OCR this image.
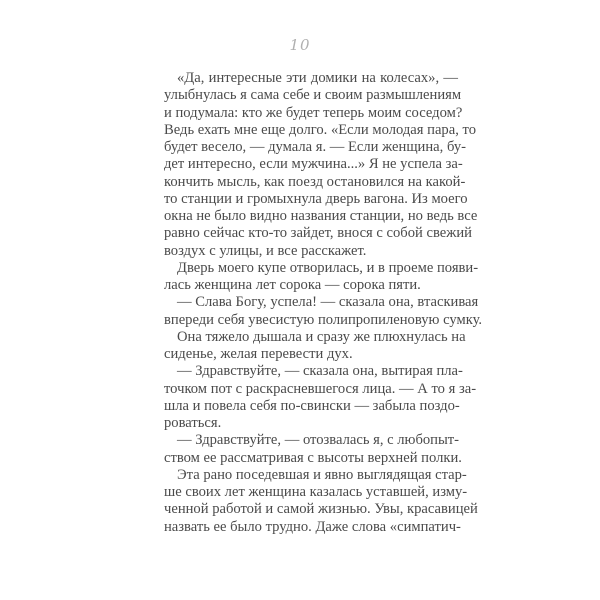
10
«Да, интересные эти домики на колесах», —
улыбнулась я сама себе и своим размышлениям
и подумала: кто же будет теперь моим соседом?
Ведь ехать мне еще долго. «Если молодая пара, то
будет весело, — думала я. — Если женщина, бу-
дет интересно, если мужчина...» Я не успела за-
кончить мысль, как поезд остановился на какой-
то станции и громыхнула дверь вагона. Из моего
окна не было видно названия станции, но ведь все
равно сейчас кто-то зайдет, внося с собой свежий
воздух с улицы, и все расскажет.
Дверь моего купе отворилась, и в проеме появи-
лась женщина лет сорока — сорока пяти.
— Слава Богу, успела! — сказала она, втаскивая
впереди себя увесистую полипропиленовую сумку.
Она тяжело дышала и сразу же плюхнулась на
сиденье, желая перевести дух.
— Здравствуйте, — сказала она, вытирая пла-
точком пот с раскрасневшегося лица. — А то я за-
шла и повела себя по-свински — забыла поздо-
роваться.
— Здравствуйте, — отозвалась я, с любопыт-
ством ее рассматривая с высоты верхней полки.
Эта рано поседевшая и явно выглядящая стар-
ше своих лет женщина казалась уставшей, изму-
ченной работой и самой жизнью. Увы, красавицей
назвать ее было трудно. Даже слова «симпатич-
